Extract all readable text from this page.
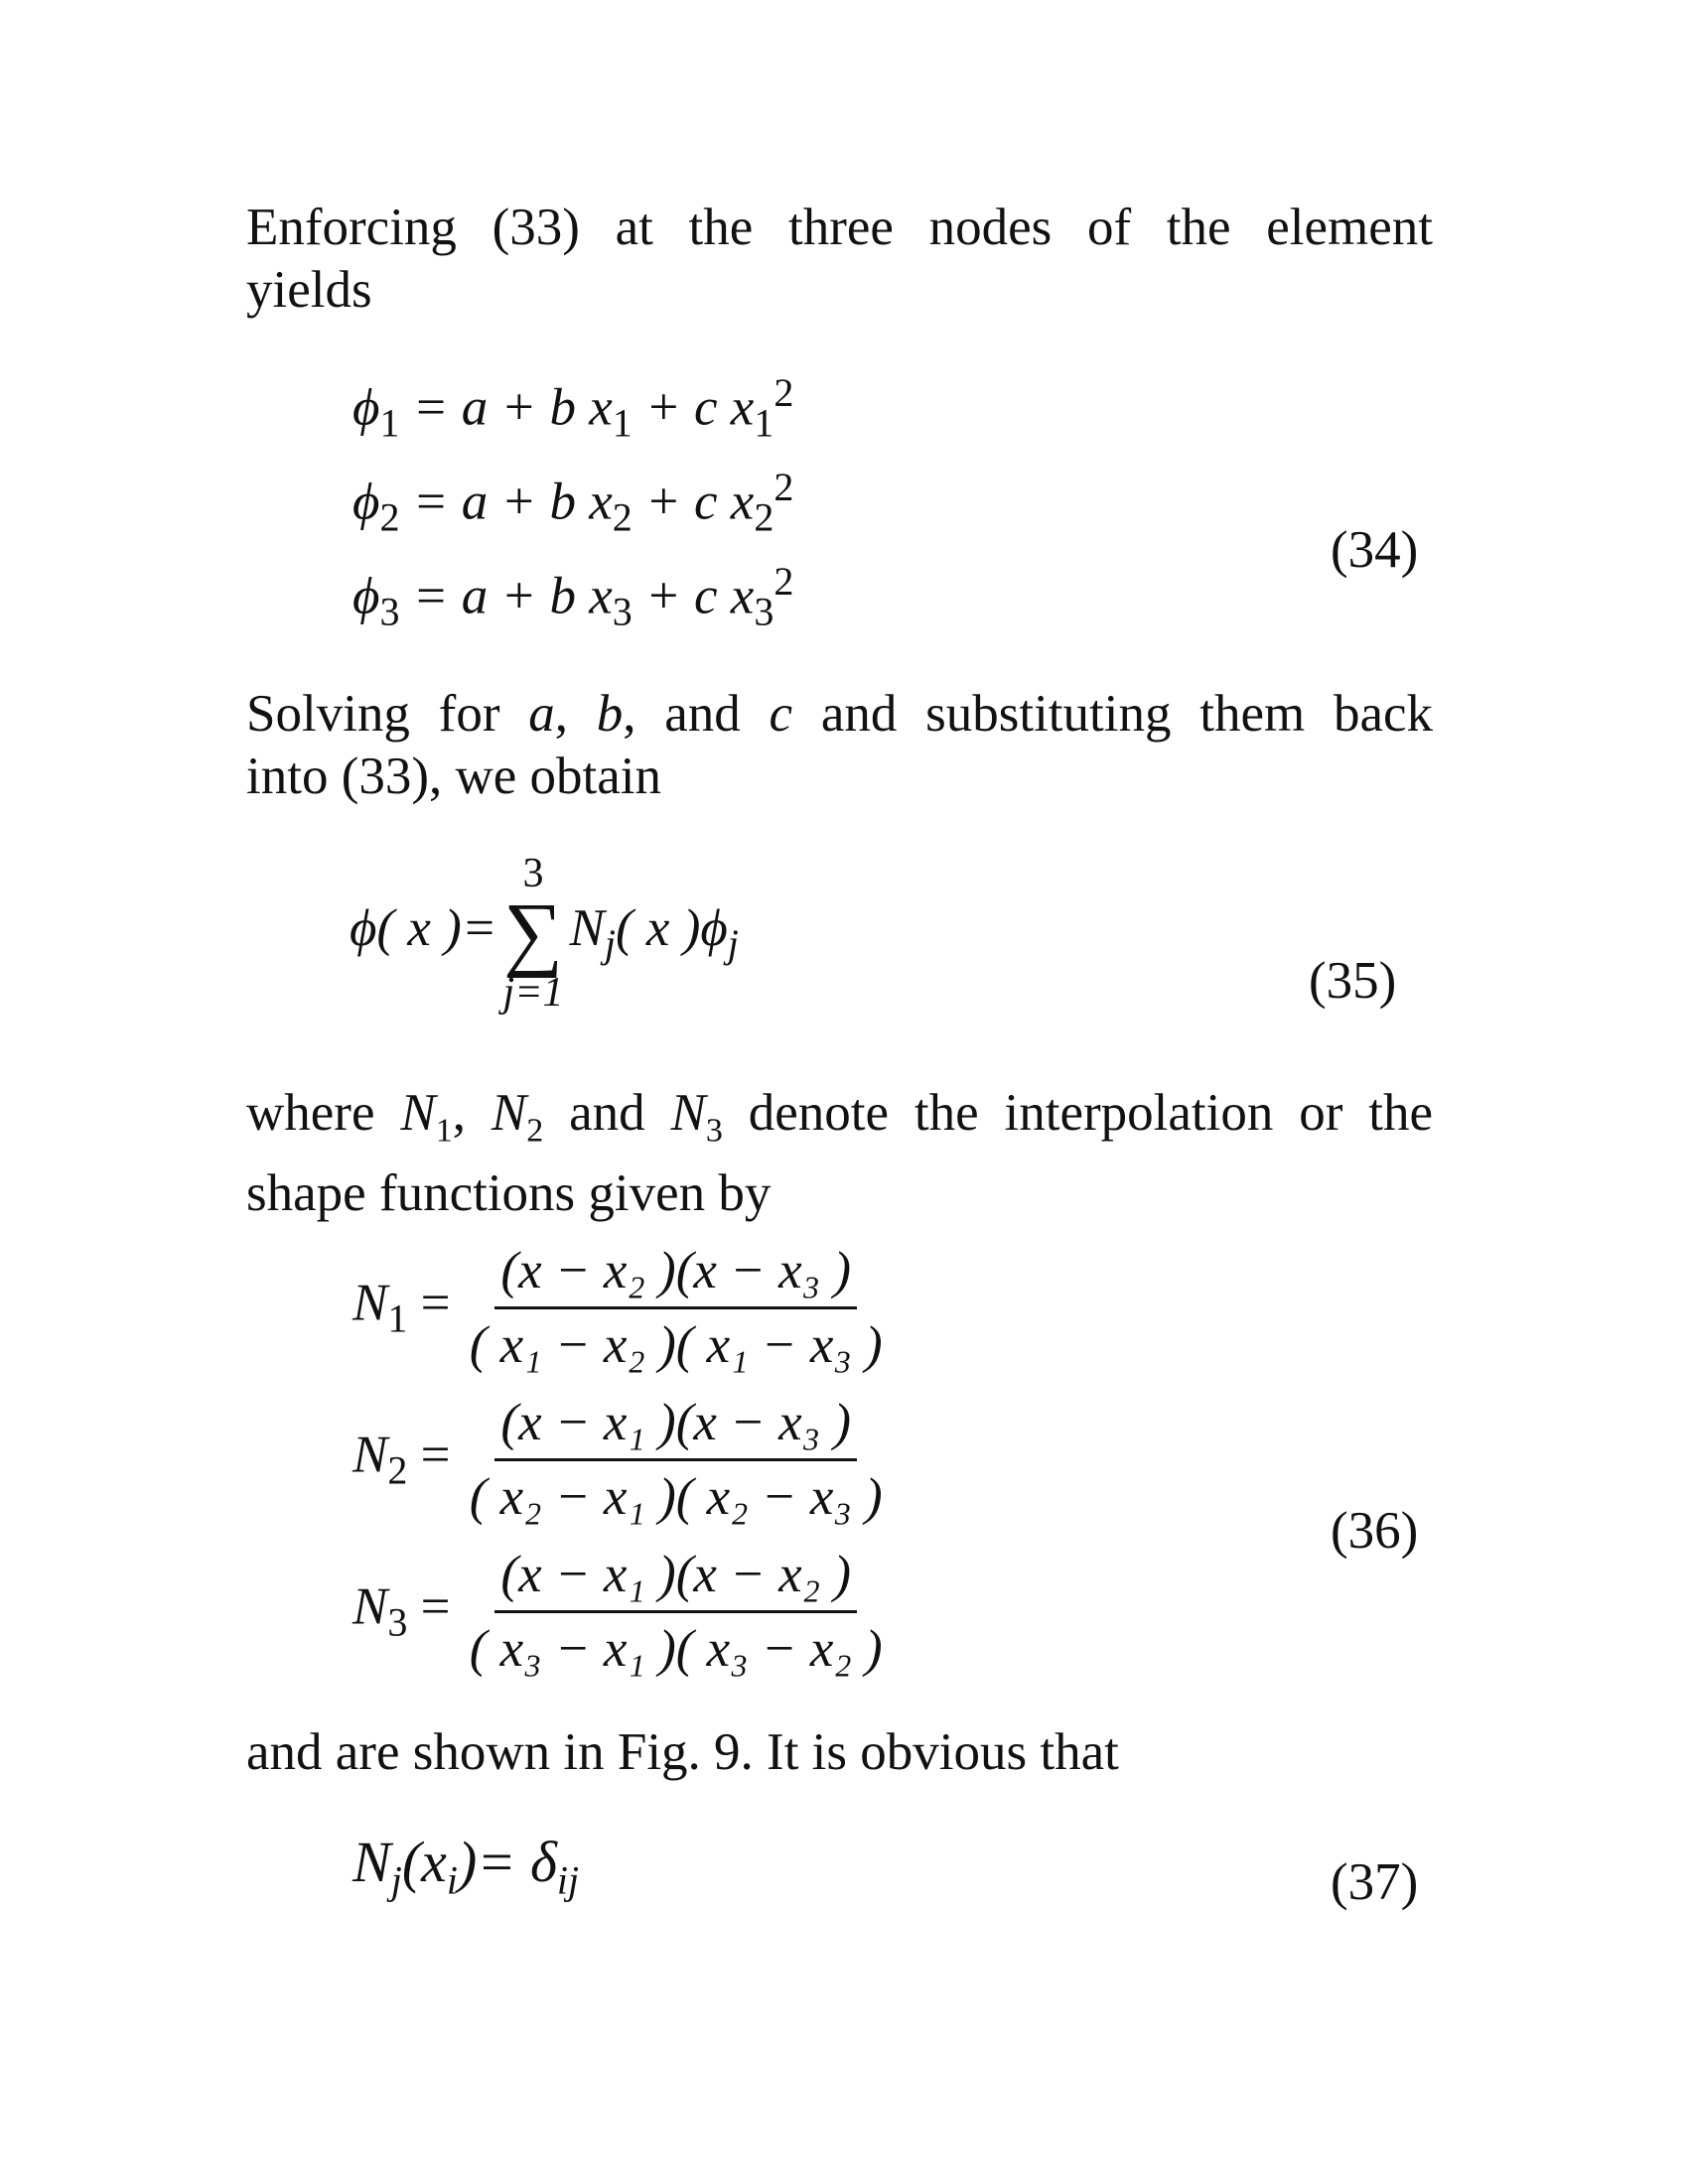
Enforcing (33) at the three nodes of the element
yields
$\phi_1 = a + b$ $x_1 + c$ $x_1^2$
$\phi_2 = a + b$ $x_2 + c$ $x_2^2$
$\phi_3 = a + b$ $x_3 + c$ $x_3^2$
(34)
Solving for a, b, and c and substituting them back
into (33), we obtain
ϕ( x )=
3
∑
j=1
$N_j$( x )$\phi_j$
(35)
where $N_1$, $N_2$ and $N_3$ denote the interpolation or the
shape functions given by
$N_1 = \frac{\text{(x − x₂ )(x − x₃ )}}{\text{( x₁ − x₂ )( x₁ − x₃ )}}$
$N_2 = \frac{\text{(x − x₁ )(x − x₃ )}}{\text{( x₂ − x₁ )( x₂ − x₃ )}}$
$N_3 = \frac{\text{(x − x₁ )(x − x₂ )}}{\text{( x₃ − x₁ )( x₃ − x₂ )}}$
(36)
and are shown in Fig. 9. It is obvious that
$N_j(x_i)= \delta_{ij}$	(37)
